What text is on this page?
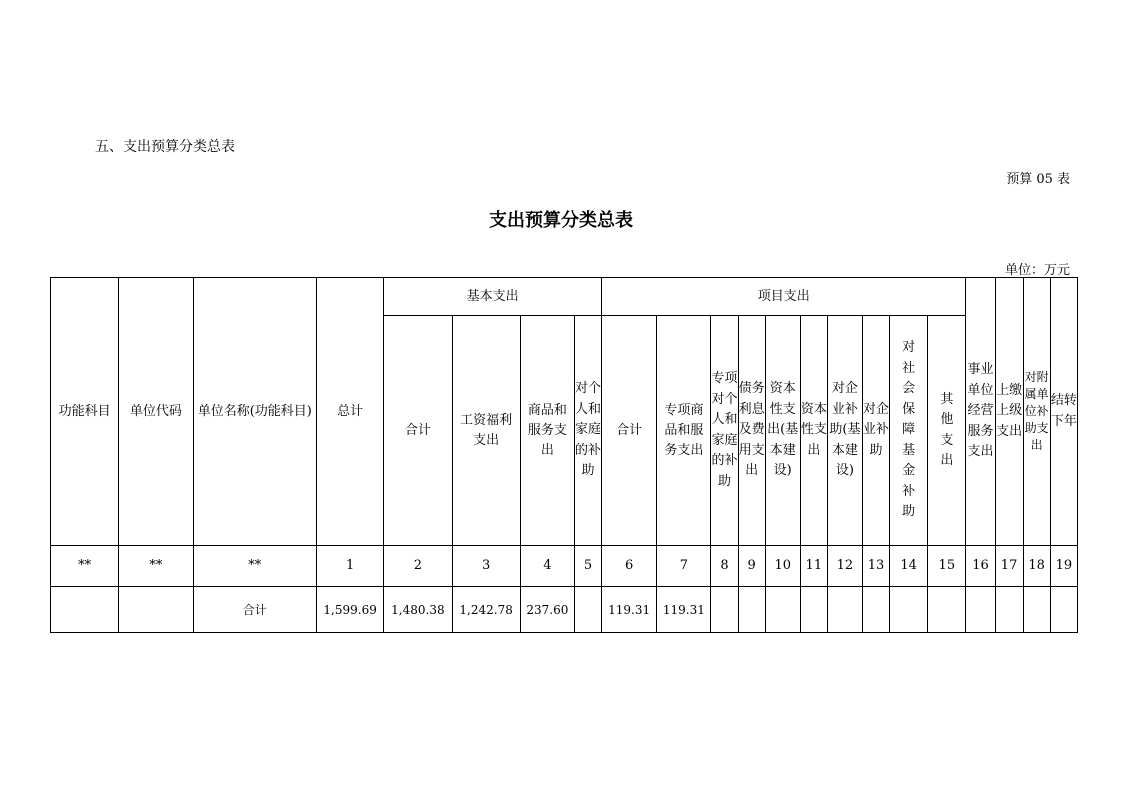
五、支出预算分类总表
预算 05 表
支出预算分类总表
单位：万元
功能科目	单位代码	单位名称(功能科目)	总计	基本支出				项目支出										事业单位经营服务支出	上缴上级支出	对附属单位补助支出	结转下年
				合计	工资福利支出	商品和服务支出	对个人和家庭的补助	合计	专项商品和服务支出	专项对个人和家庭的补助	债务利息及费用支出	资本性支出(基本建设)	资本性支出	对企业补助(基本建设)	对企业补助	对社会保障基金补助	其他支出				
**	**	**	1	2	3	4	5	6	7	8	9	10	11	12	13	14	15	16	17	18	19
		合计	1,599.69	1,480.38	1,242.78	237.60		119.31	119.31												
